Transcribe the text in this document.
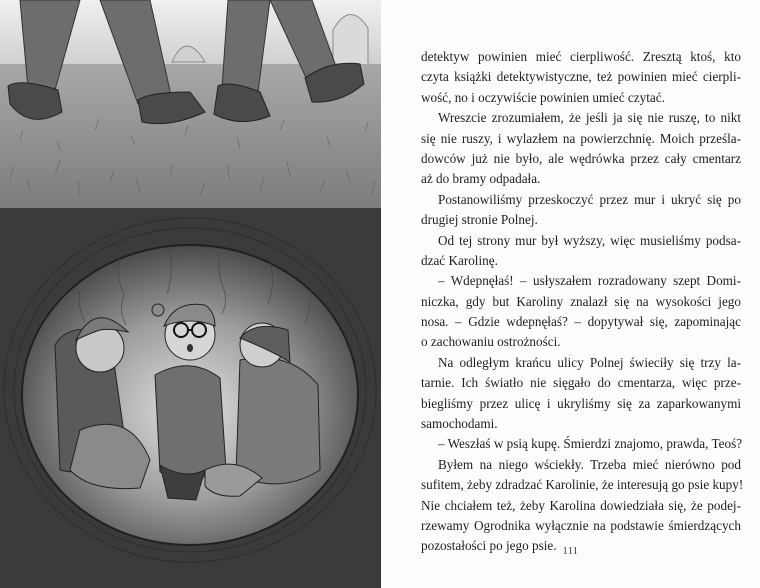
detektyw powinien mieć cierpliwość. Zresztą ktoś, kto
czyta książki detektywistyczne, też powinien mieć cierpli-
wość, no i oczywiście powinien umieć czytać.
Wreszcie zrozumiałem, że jeśli ja się nie ruszę, to nikt
się nie ruszy, i wylazłem na powierzchnię. Moich prześla-
dowców już nie było, ale wędrówka przez cały cmentarz
aż do bramy odpadała.
Postanowiliśmy przeskoczyć przez mur i ukryć się po
drugiej stronie Polnej.
Od tej strony mur był wyższy, więc musieliśmy podsa-
dzać Karolinę.
– Wdepnęłaś! – usłyszałem rozradowany szept Domi-
niczka, gdy but Karoliny znalazł się na wysokości jego
nosa. – Gdzie wdepnęłaś? – dopytywał się, zapominając
o zachowaniu ostrożności.
Na odległym krańcu ulicy Polnej świeciły się trzy la-
tarnie. Ich światło nie sięgało do cmentarza, więc prze-
biegliśmy przez ulicę i ukryliśmy się za zaparkowanymi
samochodami.
– Weszłaś w psią kupę. Śmierdzi znajomo, prawda, Teoś?
Byłem na niego wściekły. Trzeba mieć nierówno pod
sufitem, żeby zdradzać Karolinie, że interesują go psie kupy!
Nie chciałem też, żeby Karolina dowiedziała się, że podej-
rzewamy Ogrodnika wyłącznie na podstawie śmierdzących
pozostałości po jego psie. 111
